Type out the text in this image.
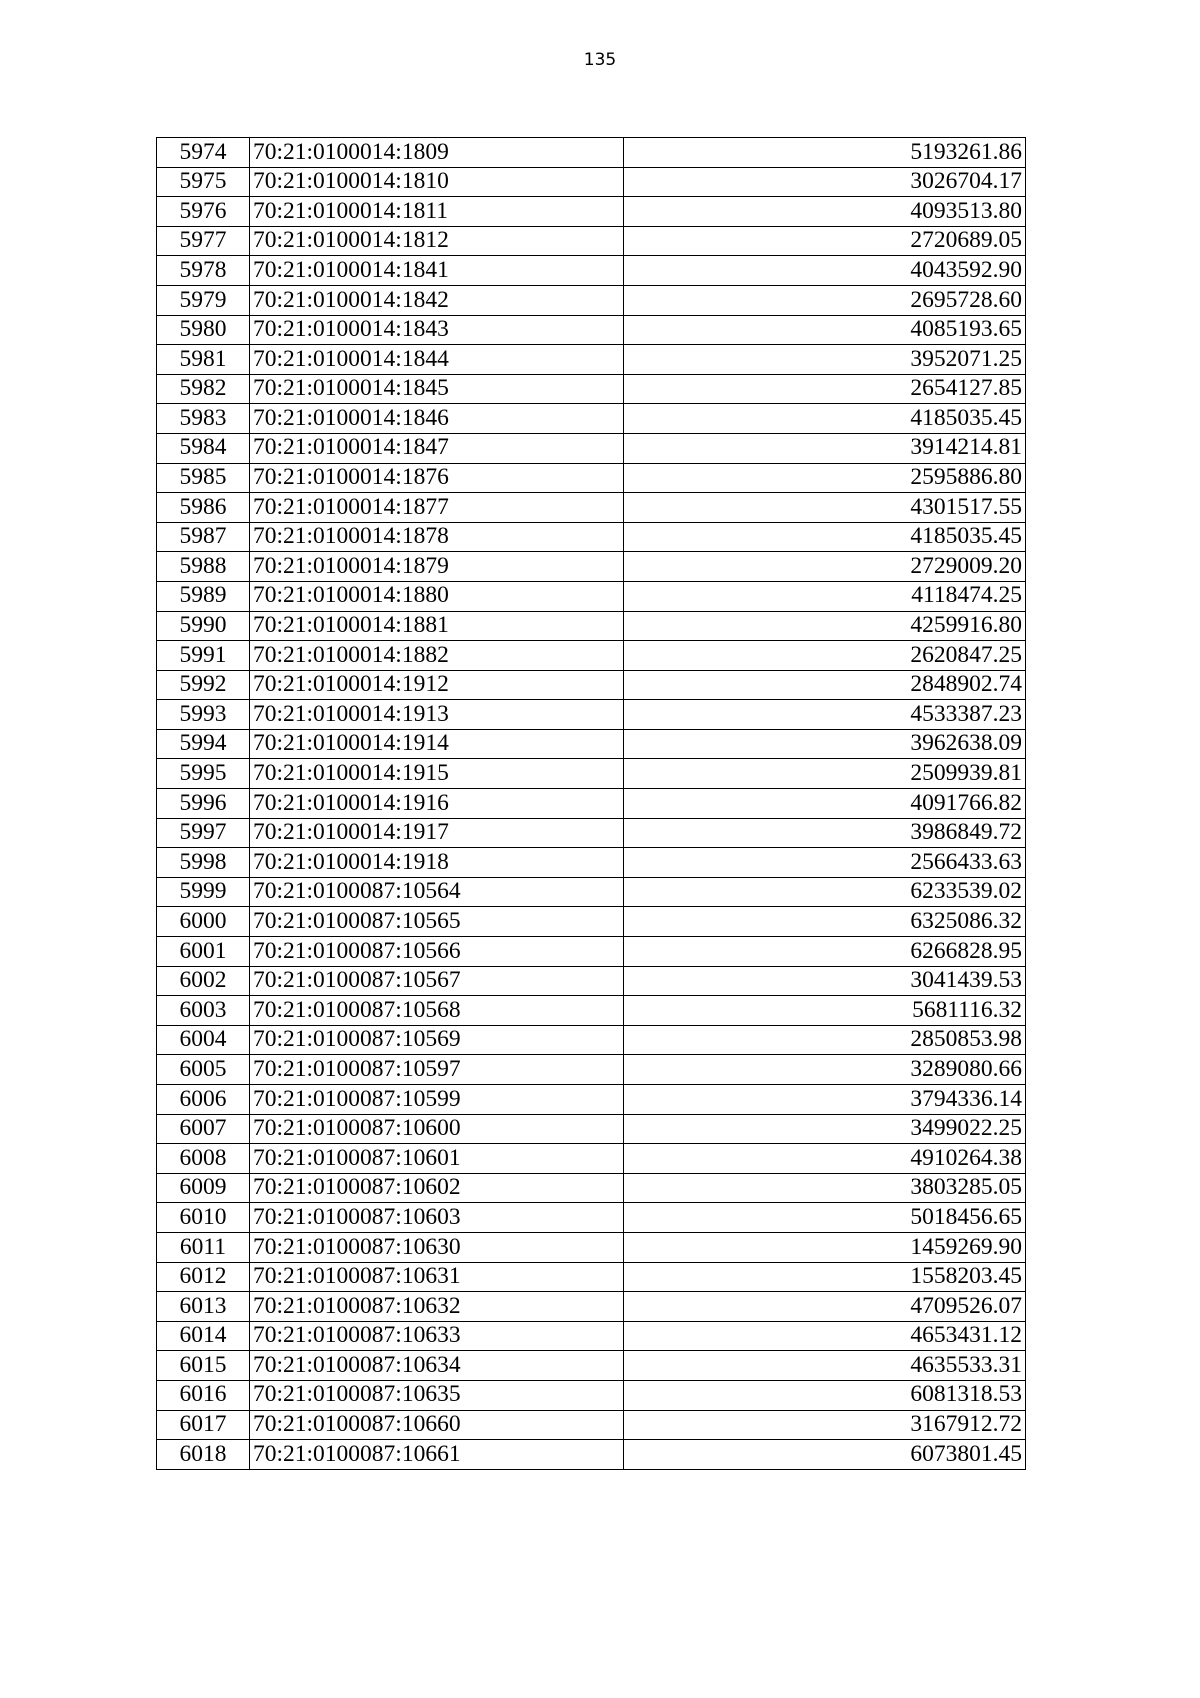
135
5974	70:21:0100014:1809	5193261.86
5975	70:21:0100014:1810	3026704.17
5976	70:21:0100014:1811	4093513.80
5977	70:21:0100014:1812	2720689.05
5978	70:21:0100014:1841	4043592.90
5979	70:21:0100014:1842	2695728.60
5980	70:21:0100014:1843	4085193.65
5981	70:21:0100014:1844	3952071.25
5982	70:21:0100014:1845	2654127.85
5983	70:21:0100014:1846	4185035.45
5984	70:21:0100014:1847	3914214.81
5985	70:21:0100014:1876	2595886.80
5986	70:21:0100014:1877	4301517.55
5987	70:21:0100014:1878	4185035.45
5988	70:21:0100014:1879	2729009.20
5989	70:21:0100014:1880	4118474.25
5990	70:21:0100014:1881	4259916.80
5991	70:21:0100014:1882	2620847.25
5992	70:21:0100014:1912	2848902.74
5993	70:21:0100014:1913	4533387.23
5994	70:21:0100014:1914	3962638.09
5995	70:21:0100014:1915	2509939.81
5996	70:21:0100014:1916	4091766.82
5997	70:21:0100014:1917	3986849.72
5998	70:21:0100014:1918	2566433.63
5999	70:21:0100087:10564	6233539.02
6000	70:21:0100087:10565	6325086.32
6001	70:21:0100087:10566	6266828.95
6002	70:21:0100087:10567	3041439.53
6003	70:21:0100087:10568	5681116.32
6004	70:21:0100087:10569	2850853.98
6005	70:21:0100087:10597	3289080.66
6006	70:21:0100087:10599	3794336.14
6007	70:21:0100087:10600	3499022.25
6008	70:21:0100087:10601	4910264.38
6009	70:21:0100087:10602	3803285.05
6010	70:21:0100087:10603	5018456.65
6011	70:21:0100087:10630	1459269.90
6012	70:21:0100087:10631	1558203.45
6013	70:21:0100087:10632	4709526.07
6014	70:21:0100087:10633	4653431.12
6015	70:21:0100087:10634	4635533.31
6016	70:21:0100087:10635	6081318.53
6017	70:21:0100087:10660	3167912.72
6018	70:21:0100087:10661	6073801.45
